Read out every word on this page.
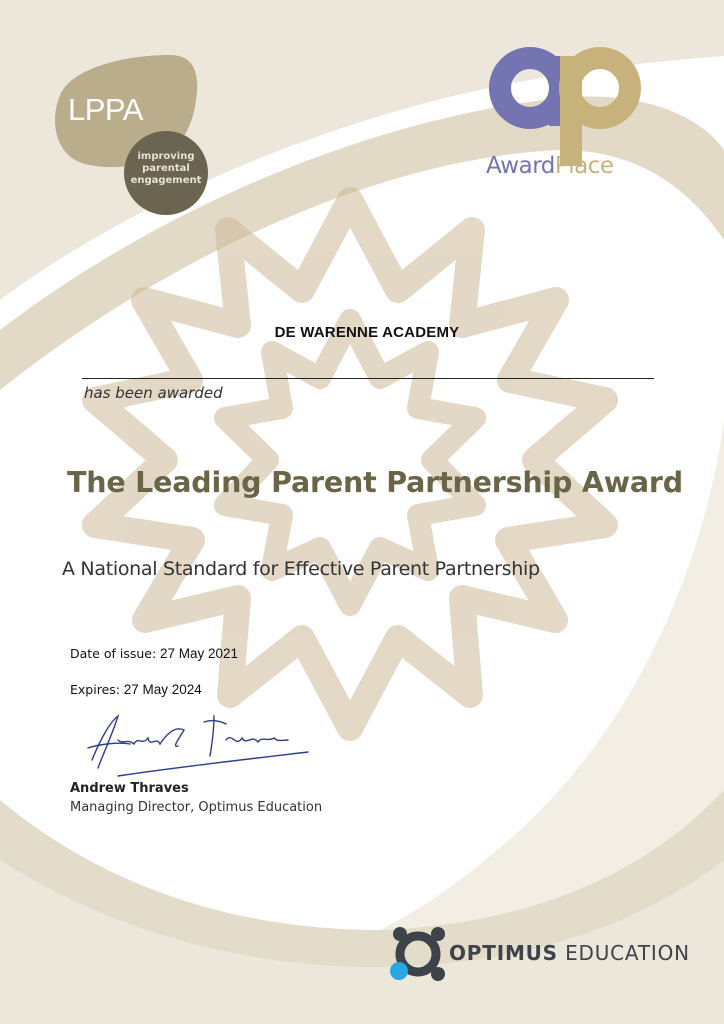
LPPA
improving
parental
engagement
AwardPlace
DE WARENNE ACADEMY
has been awarded
The Leading Parent Partnership Award
A National Standard for Effective Parent Partnership
Date of issue: 27 May 2021
Expires: 27 May 2024
Andrew Thraves
Managing Director, Optimus Education
OPTIMUS EDUCATION
